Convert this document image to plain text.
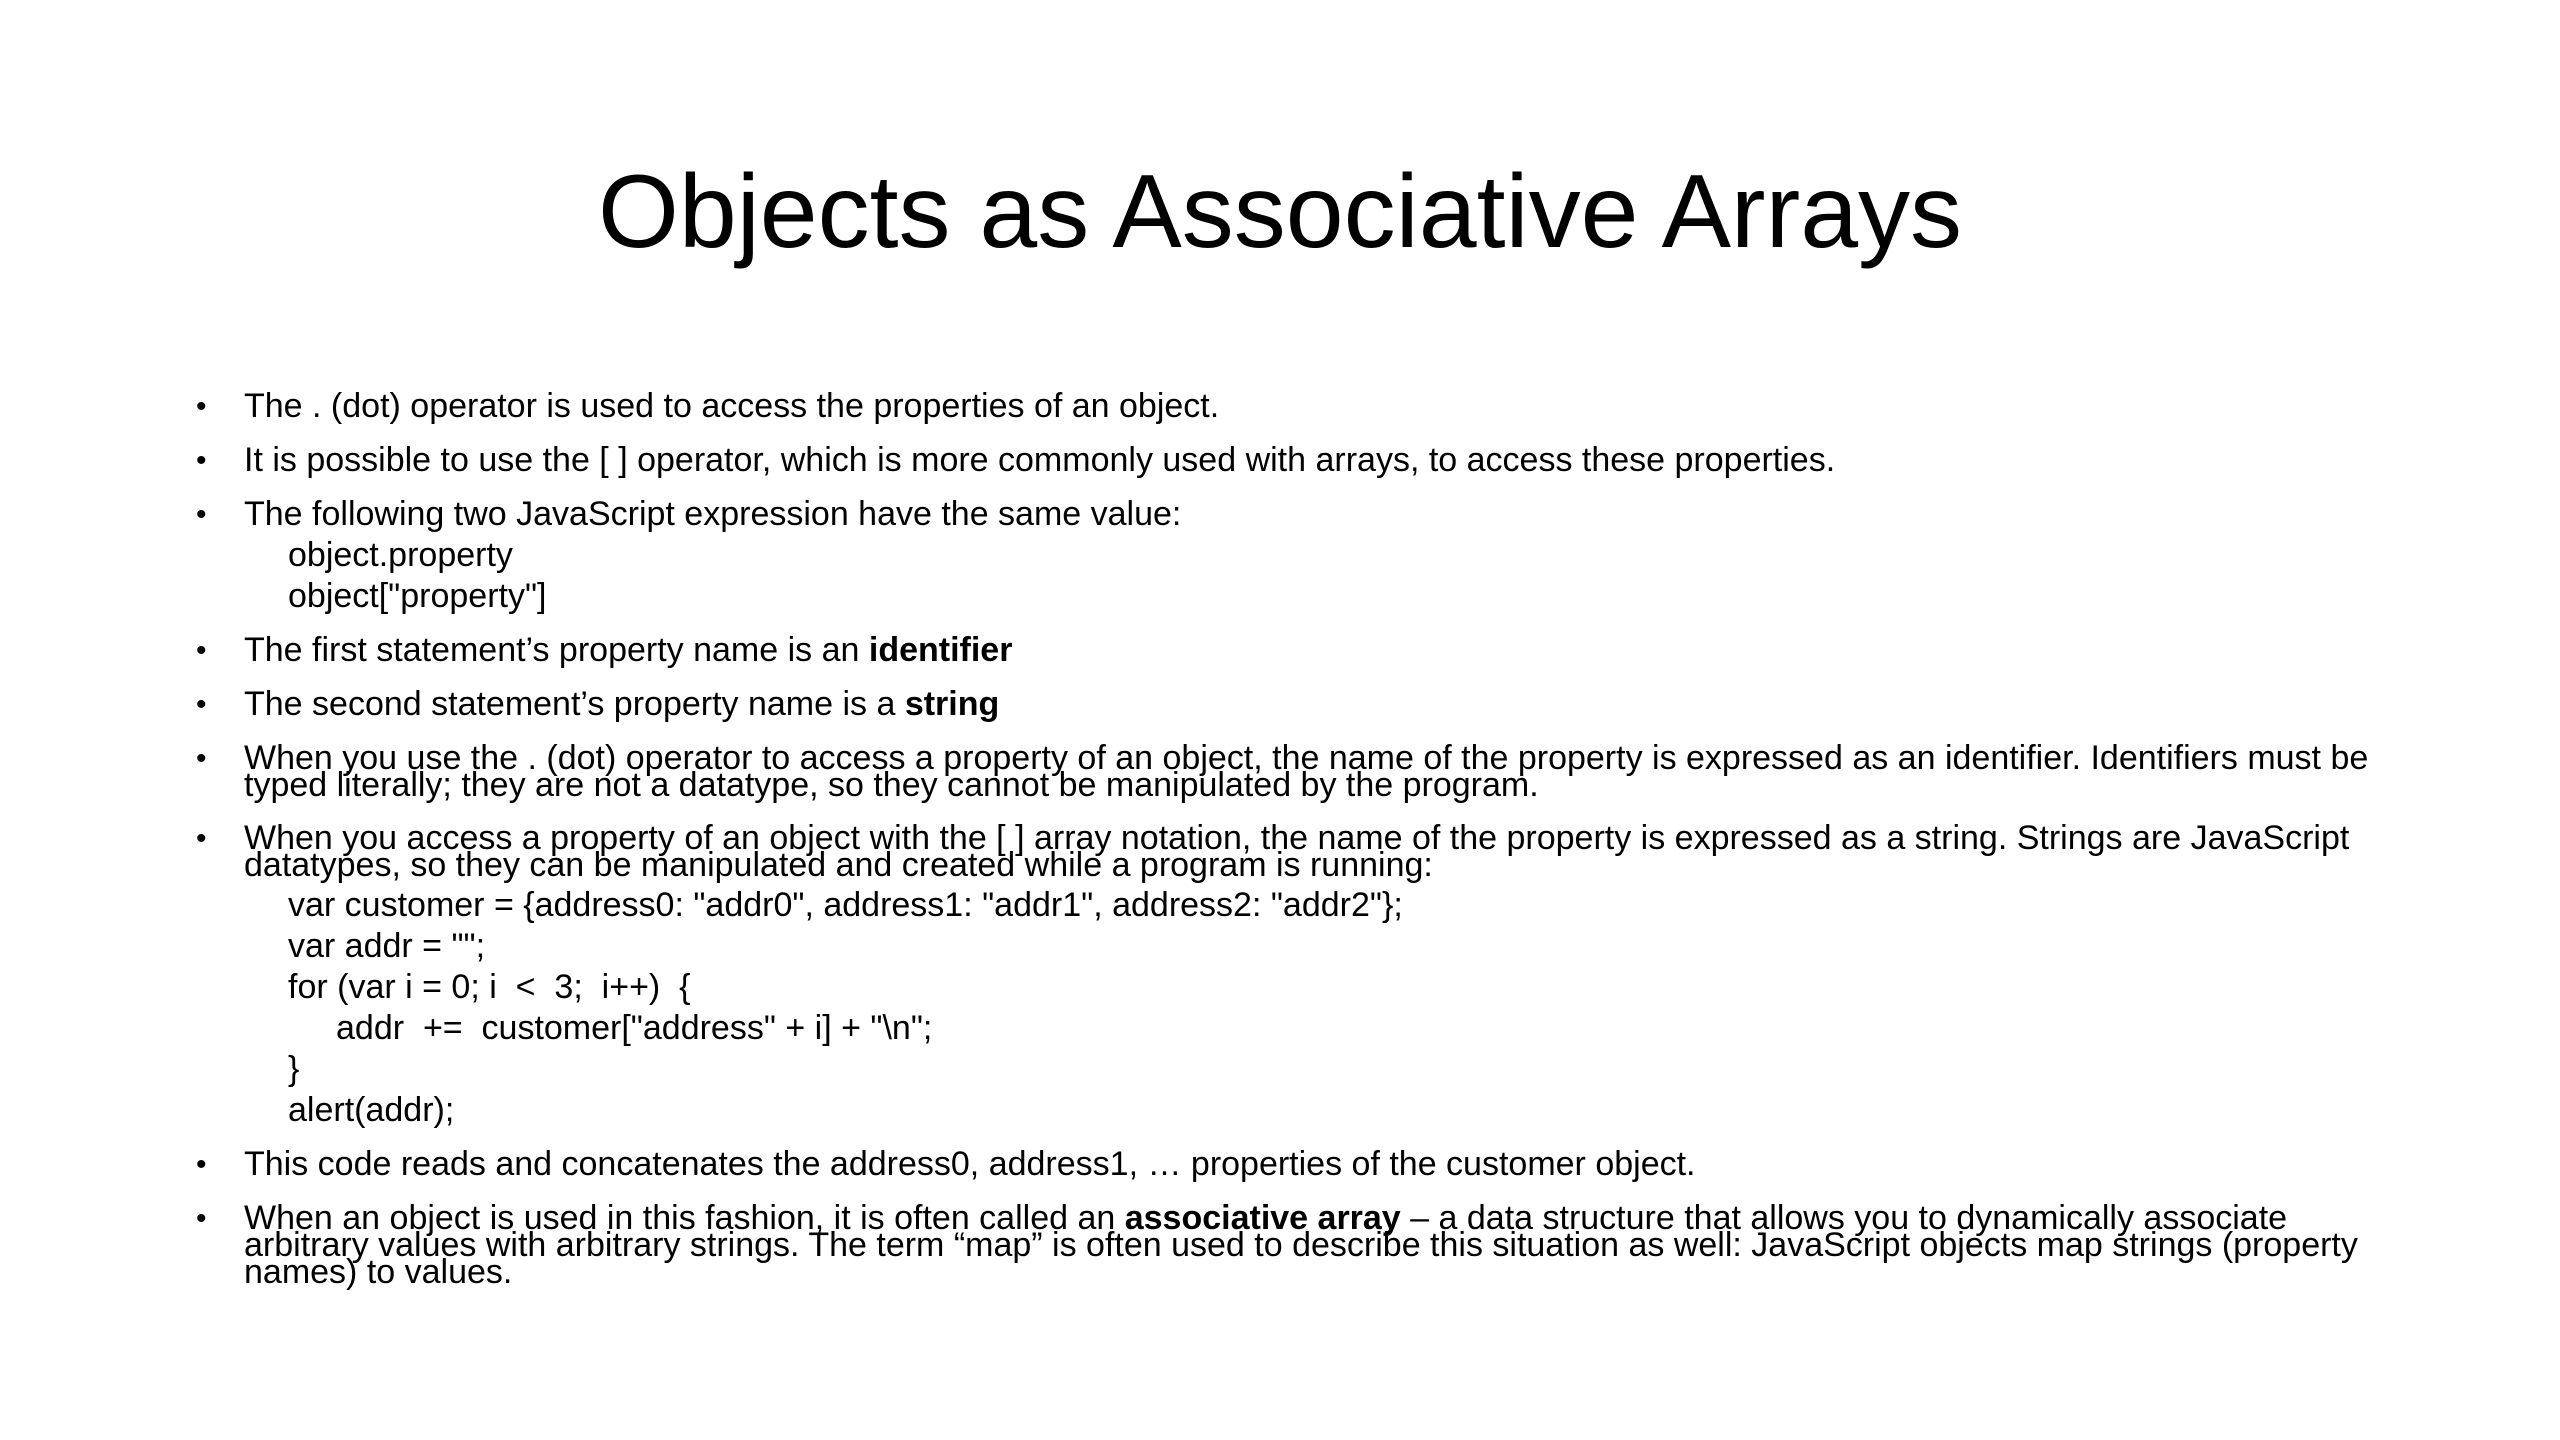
Objects as Associative Arrays
• The . (dot) operator is used to access the properties of an object.
• It is possible to use the [ ] operator, which is more commonly used with arrays, to access these properties.
• The following two JavaScript expression have the same value:
object.property
object["property"]
• The first statement’s property name is an identifier
• The second statement’s property name is a string
• When you use the . (dot) operator to access a property of an object, the name of the property is expressed as an identifier. Identifiers must be typed literally; they are not a datatype, so they cannot be manipulated by the program.
• When you access a property of an object with the [ ] array notation, the name of the property is expressed as a string. Strings are JavaScript datatypes, so they can be manipulated and created while a program is running:
var customer = {address0: "addr0", address1: "addr1", address2: "addr2"};
var addr = "";
for (var i = 0; i  <  3;  i++)  {
addr  +=  customer["address" + i] + "\n";
}
alert(addr);
• This code reads and concatenates the address0, address1, … properties of the customer object.
• When an object is used in this fashion, it is often called an associative array – a data structure that allows you to dynamically associate arbitrary values with arbitrary strings. The term “map” is often used to describe this situation as well: JavaScript objects map strings (property names) to values.
